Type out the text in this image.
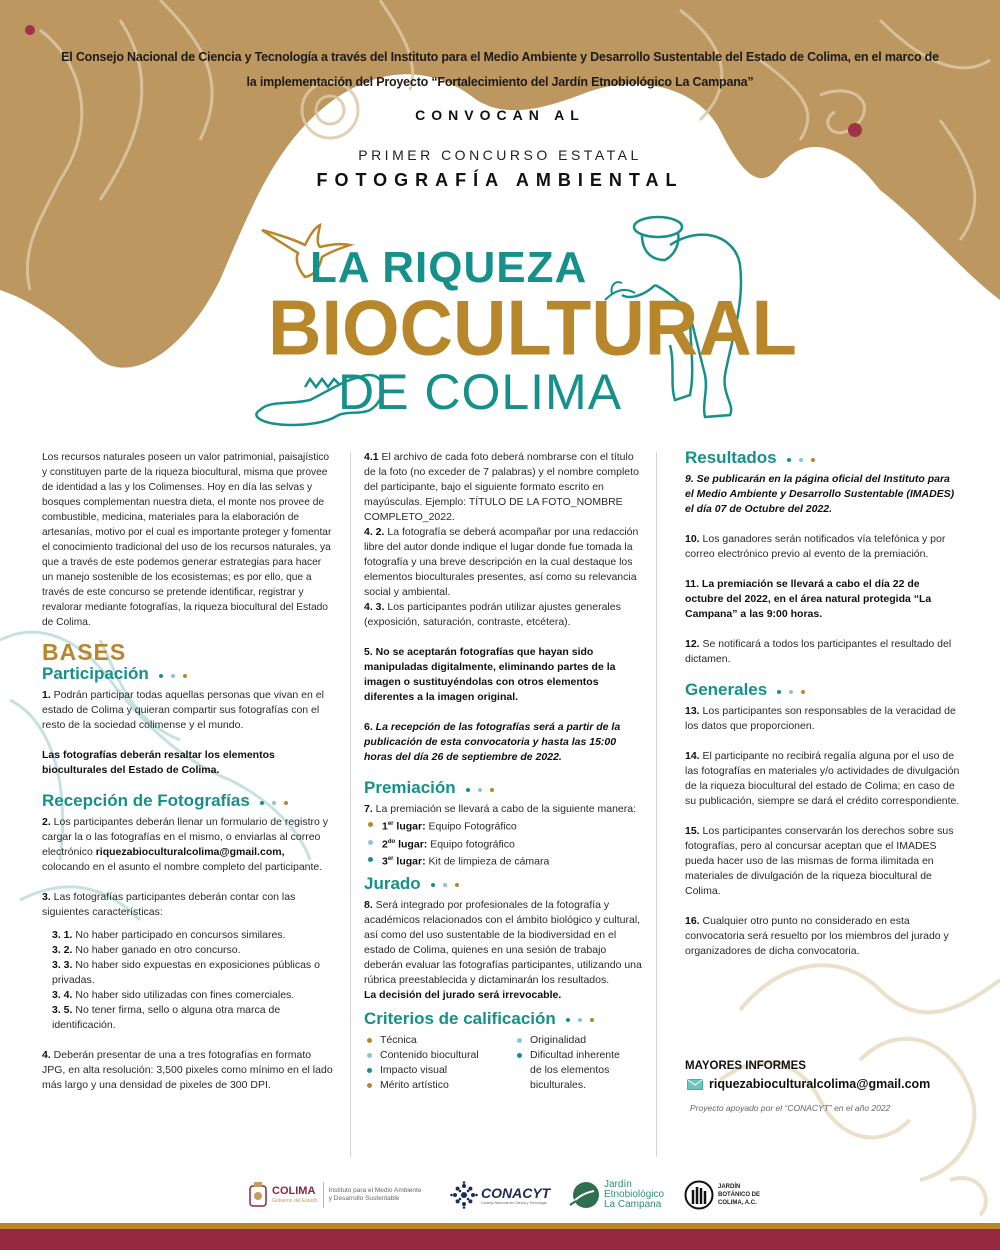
El Consejo Nacional de Ciencia y Tecnología a través del Instituto para el Medio Ambiente y Desarrollo Sustentable del Estado de Colima, en el marco de la implementación del Proyecto “Fortalecimiento del Jardín Etnobiológico La Campana”
CONVOCAN AL
PRIMER CONCURSO ESTATAL
FOTOGRAFÍA AMBIENTAL
LA RIQUEZA
BIOCULTURAL
DE COLIMA

Los recursos naturales poseen un valor patrimonial, paisajístico y constituyen parte de la riqueza biocultural, misma que provee de identidad a las y los Colimenses. Hoy en día las selvas y bosques complementan nuestra dieta, el monte nos provee de combustible, medicina, materiales para la elaboración de artesanías, motivo por el cual es importante proteger y fomentar el conocimiento tradicional del uso de los recursos naturales, ya que a través de este podemos generar estrategias para hacer un manejo sostenible de los ecosistemas; es por ello, que a través de este concurso se pretende identificar, registrar y revalorar mediante fotografías, la riqueza biocultural del Estado de Colima.

BASES
Participación

1. Podrán participar todas aquellas personas que vivan en el estado de Colima y quieran compartir sus fotografías con el resto de la sociedad colimense y el mundo.

Las fotografías deberán resaltar los elementos bioculturales del Estado de Colima.

Recepción de Fotografías

2. Los participantes deberán llenar un formulario de registro y cargar la o las fotografías en el mismo, o enviarlas al correo electrónico riquezabioculturalcolima@gmail.com, colocando en el asunto el nombre completo del participante.

3. Las fotografías participantes deberán contar con las siguientes características:

3. 1. No haber participado en concursos similares.
3. 2. No haber ganado en otro concurso.
3. 3. No haber sido expuestas en exposiciones públicas o privadas.
3. 4. No haber sido utilizadas con fines comerciales.
3. 5. No tener firma, sello o alguna otra marca de identificación.

4. Deberán presentar de una a tres fotografías en formato JPG, en alta resolución: 3,500 pixeles como mínimo en el lado más largo y una densidad de pixeles de 300 DPI.

4.1 El archivo de cada foto deberá nombrarse con el título de la foto (no exceder de 7 palabras) y el nombre completo del participante, bajo el siguiente formato escrito en mayúsculas. Ejemplo: TÍTULO DE LA FOTO_NOMBRE COMPLETO_2022.

4. 2. La fotografía se deberá acompañar por una redacción libre del autor donde indique el lugar donde fue tomada la fotografía y una breve descripción en la cual destaque los elementos bioculturales presentes, así como su relevancia social y ambiental.

4. 3. Los participantes podrán utilizar ajustes generales (exposición, saturación, contraste, etcétera).

5. No se aceptarán fotografías que hayan sido manipuladas digitalmente, eliminando partes de la imagen o sustituyéndolas con otros elementos diferentes a la imagen original.

6. La recepción de las fotografías será a partir de la publicación de esta convocatoria y hasta las 15:00 horas del día 26 de septiembre de 2022.

Premiación

7. La premiación se llevará a cabo de la siguiente manera:

1er lugar: Equipo Fotográfico
$2^{do}$ lugar: Equipo fotográfico
3er lugar: Kit de limpieza de cámara
Jurado

8. Será integrado por profesionales de la fotografía y académicos relacionados con el ámbito biológico y cultural, así como del uso sustentable de la biodiversidad en el estado de Colima, quienes en una sesión de trabajo deberán evaluar las fotografías participantes, utilizando una rúbrica preestablecida y dictaminarán los resultados.
La decisión del jurado será irrevocable.

Criterios de calificación
Técnica
Contenido biocultural
Impacto visual
Mérito artístico
Originalidad
Dificultad inherente de los elementos biculturales.
Resultados

9. Se publicarán en la página oficial del Instituto para el Medio Ambiente y Desarrollo Sustentable (IMADES) el día 07 de Octubre del 2022.

10. Los ganadores serán notificados vía telefónica y por correo electrónico previo al evento de la premiación.

11. La premiación se llevará a cabo el día 22 de octubre del 2022, en el área natural protegida “La Campana” a las 9:00 horas.

12. Se notificará a todos los participantes el resultado del dictamen.

Generales

13. Los participantes son responsables de la veracidad de los datos que proporcionen.

14. El participante no recibirá regalía alguna por el uso de las fotografías en materiales y/o actividades de divulgación de la riqueza biocultural del estado de Colima; en caso de su publicación, siempre se dará el crédito correspondiente.

15. Los participantes conservarán los derechos sobre sus fotografías, pero al concursar aceptan que el IMADES pueda hacer uso de las mismas de forma ilimitada en materiales de divulgación de la riqueza biocultural de Colima.

16. Cualquier otro punto no considerado en esta convocatoria será resuelto por los miembros del jurado y organizadores de dicha convocatoria.

MAYORES INFORMES
riquezabioculturalcolima@gmail.com
Proyecto apoyado por el “CONACYT” en el año 2022
COLIMA
Gobierno del Estado
Instituto para el Medio Ambiente y Desarrollo Sustentable	CONACYT
Consejo Nacional de Ciencia y Tecnología
Jardín
Etnobiológico
La Campana
JARDÍN BOTÁNICO DE COLIMA, A.C.
